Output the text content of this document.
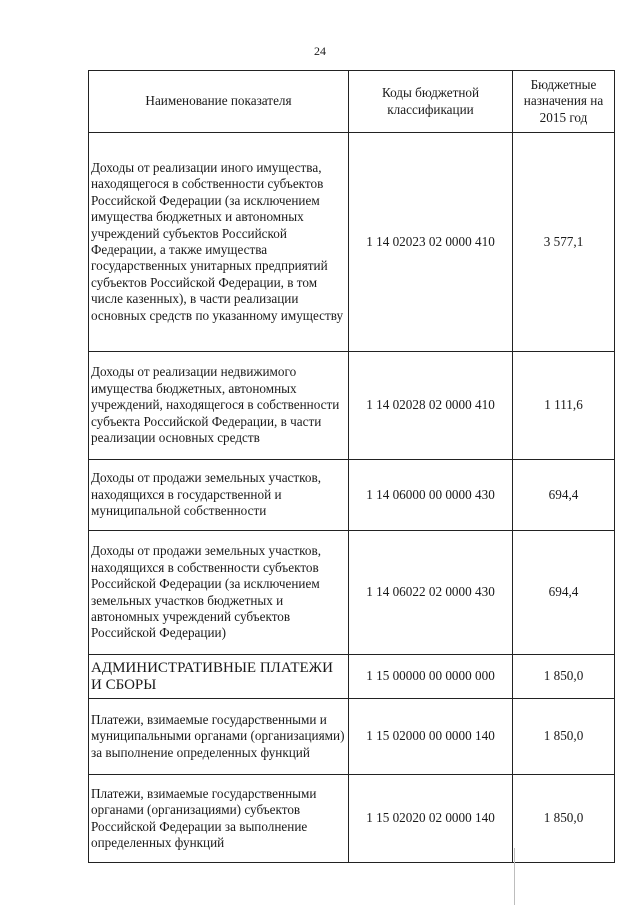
24
Наименование показателя	Коды бюджетной классификации	Бюджетные назначения на 2015 год
Доходы от реализации иного имущества, находящегося в собственности субъектов Российской Федерации (за исключением имущества бюджетных и автономных учреждений субъектов Российской Федерации, а также имущества государственных унитарных предприятий субъектов Российской Федерации, в том числе казенных), в части реализации основных средств по указанному имуществу	1 14 02023 02 0000 410	3 577,1
Доходы от реализации недвижимого имущества бюджетных, автономных учреждений, находящегося в собственности субъекта Российской Федерации, в части реализации основных средств	1 14 02028 02 0000 410	1 111,6
Доходы от продажи земельных участков, находящихся в государственной и муниципальной собственности	1 14 06000 00 0000 430	694,4
Доходы от продажи земельных участков, находящихся в собственности субъектов Российской Федерации (за исключением земельных участков бюджетных и автономных учреждений субъектов Российской Федерации)	1 14 06022 02 0000 430	694,4
АДМИНИСТРАТИВНЫЕ ПЛАТЕЖИ И СБОРЫ	1 15 00000 00 0000 000	1 850,0
Платежи, взимаемые государственными и муниципальными органами (организациями) за выполнение определенных функций	1 15 02000 00 0000 140	1 850,0
Платежи, взимаемые государственными органами (организациями) субъектов Российской Федерации за выполнение определенных функций	1 15 02020 02 0000 140	1 850,0
